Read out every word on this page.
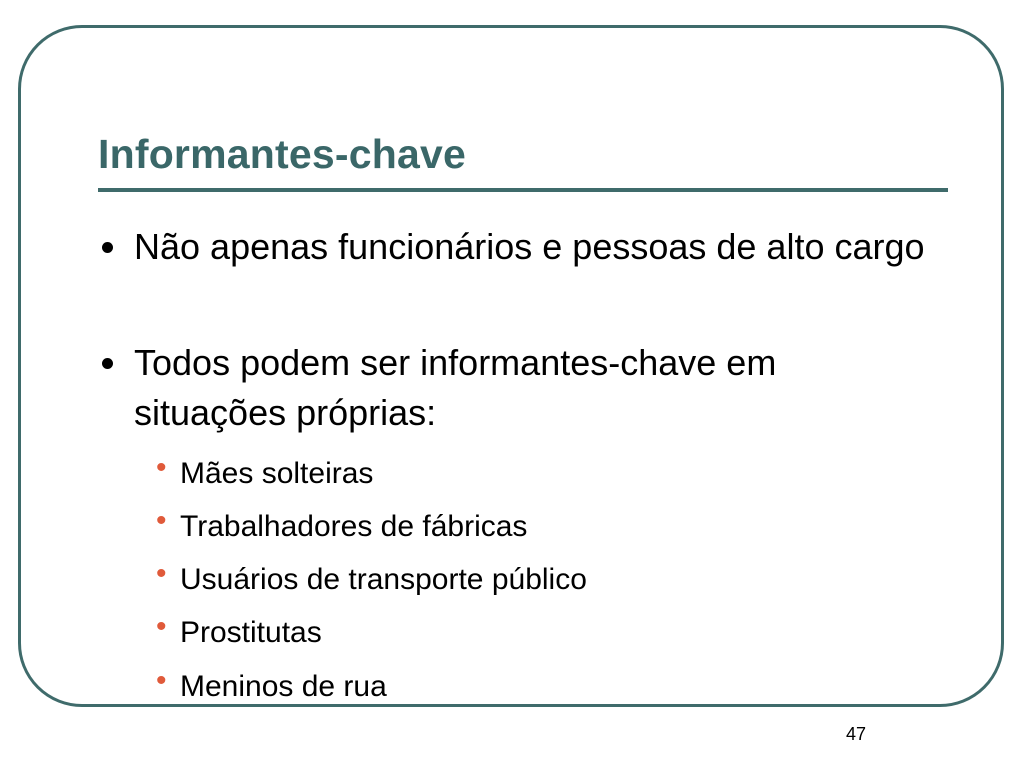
Informantes-chave
Não apenas funcionários e pessoas de alto cargo
Todos podem ser informantes-chave em situações próprias:
• Mães solteiras
• Trabalhadores de fábricas
• Usuários de transporte público
• Prostitutas
• Meninos de rua
47
